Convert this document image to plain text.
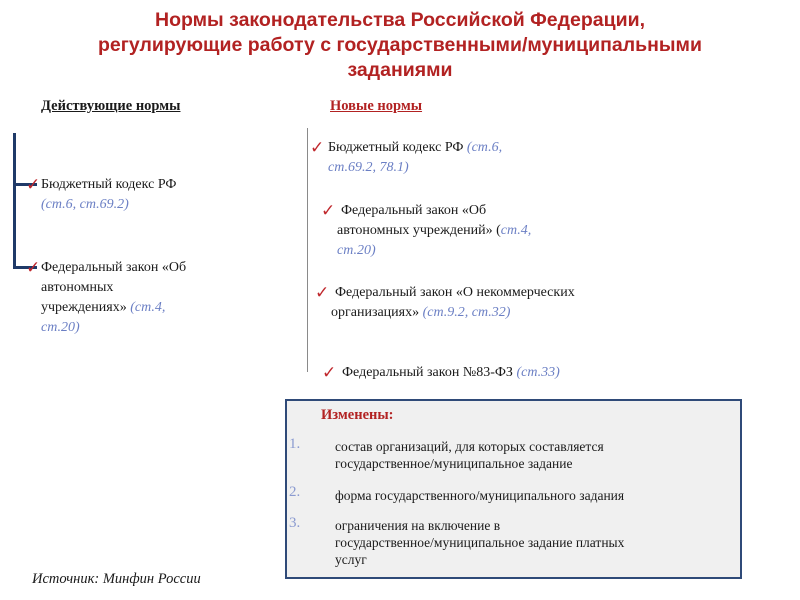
Нормы законодательства Российской Федерации,
регулирующие работу с государственными/муниципальными
заданиями
Действующие нормы	Новые нормы
✓ Бюджетный кодекс РФ
(ст.6, ст.69.2)
✓ Федеральный закон «Об
автономных
учреждениях» (ст.4,
ст.20)
✓ Бюджетный кодекс РФ (ст.6,
ст.69.2, 78.1)
✓ Федеральный закон «Об
автономных учреждений» (ст.4,
ст.20)
✓ Федеральный закон «О некоммерческих
организациях» (ст.9.2, ст.32)
✓ Федеральный закон №83-ФЗ (ст.33)
Изменены:
1.	состав организаций, для которых составляется
государственное/муниципальное задание
2.	форма государственного/муниципального задания
3.	ограничения на включение в
государственное/муниципальное задание платных
услуг
Источник: Минфин России
